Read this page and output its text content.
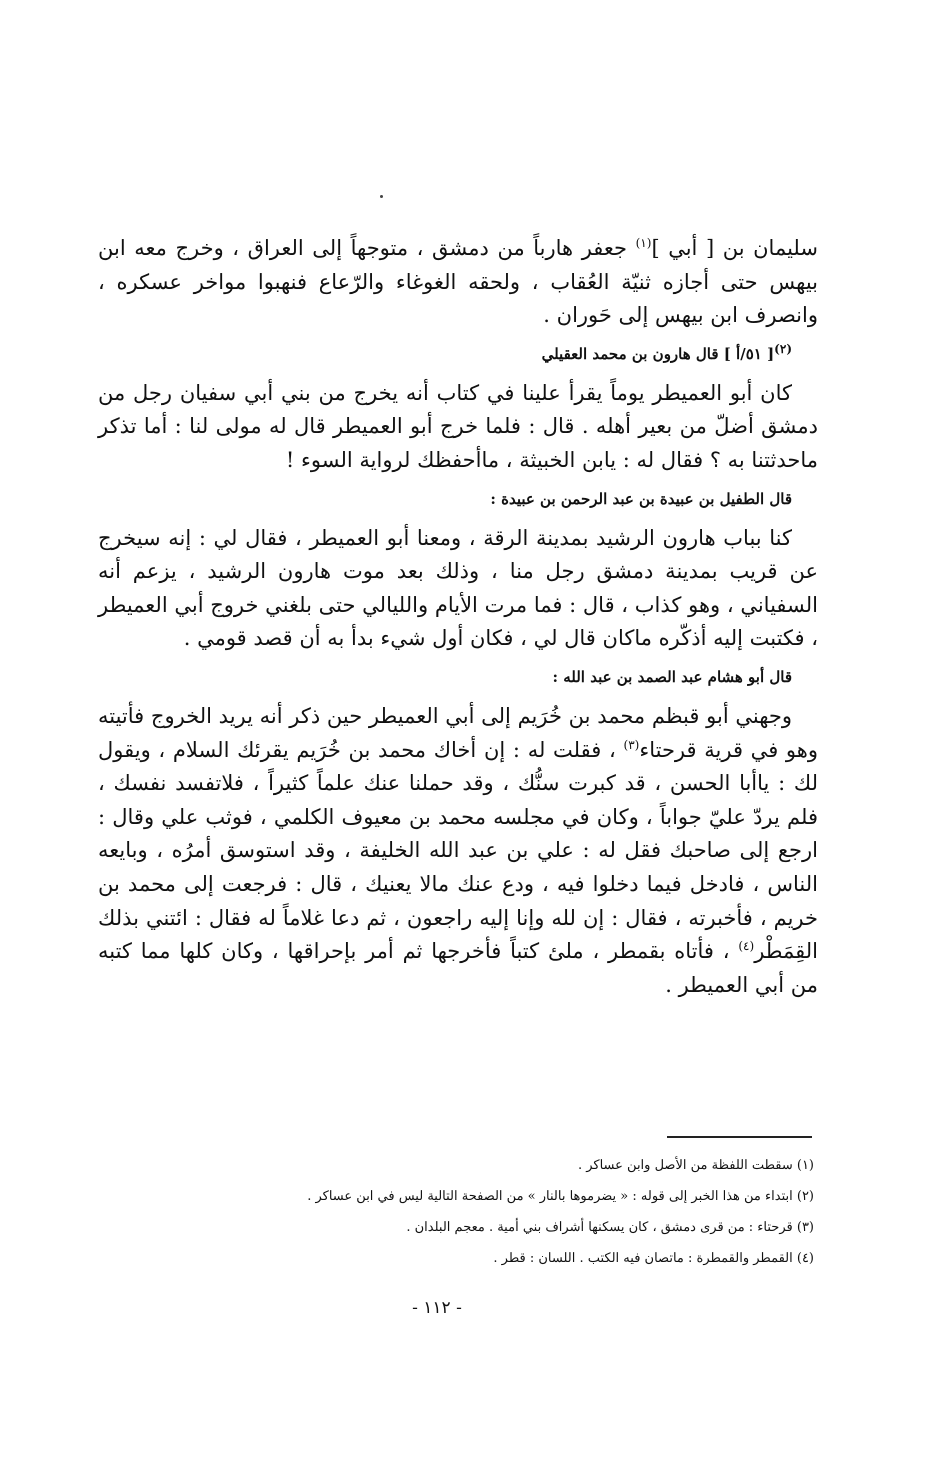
سليمان بن [ أبي ]$^{(١)}$ جعفر هارباً من دمشق ، متوجهاً إلى العراق ، وخرج معه ابن بيهس حتى أجازه ثنيّة العُقاب ، ولحقه الغوغاء والرّعاع فنهبوا مواخر عسكره ، وانصرف ابن بيهس إلى حَوران .

$^{(٢)}$[ ٥١/أ ] قال هارون بن محمد العقيلي

كان أبو العميطر يوماً يقرأ علينا في كتاب أنه يخرج من بني أبي سفيان رجل من دمشق أضلّ من بعير أهله . قال : فلما خرج أبو العميطر قال له مولى لنا : أما تذكر ماحدثتنا به ؟ فقال له : يابن الخبيثة ، ماأحفظك لرواية السوء !

قال الطفيل بن عبيدة بن عبد الرحمن بن عبيدة :

كنا بباب هارون الرشيد بمدينة الرقة ، ومعنا أبو العميطر ، فقال لي : إنه سيخرج عن قريب بمدينة دمشق رجل منا ، وذلك بعد موت هارون الرشيد ، يزعم أنه السفياني ، وهو كذاب ، قال : فما مرت الأيام والليالي حتى بلغني خروج أبي العميطر ، فكتبت إليه أذكّره ماكان قال لي ، فكان أول شيء بدأ به أن قصد قومي .

قال أبو هشام عبد الصمد بن عبد الله :

وجهني أبو قبظم محمد بن خُرَيم إلى أبي العميطر حين ذكر أنه يريد الخروج فأتيته وهو في قرية قرحتاء$^{(٣)}$ ، فقلت له : إن أخاك محمد بن خُرَيم يقرئك السلام ، ويقول لك : ياأبا الحسن ، قد كبرت سنُّك ، وقد حملنا عنك علماً كثيراً ، فلاتفسد نفسك ، فلم يردّ عليّ جواباً ، وكان في مجلسه محمد بن معيوف الكلمي ، فوثب علي وقال : ارجع إلى صاحبك فقل له : علي بن عبد الله الخليفة ، وقد استوسق أمرُه ، وبايعه الناس ، فادخل فيما دخلوا فيه ، ودع عنك مالا يعنيك ، قال : فرجعت إلى محمد بن خريم ، فأخبرته ، فقال : إن لله وإنا إليه راجعون ، ثم دعا غلاماً له فقال : ائتني بذلك القِمَطْر$^{(٤)}$ ، فأتاه بقمطر ، ملئ كتباً فأخرجها ثم أمر بإحراقها ، وكان كلها مما كتبه من أبي العميطر .

(١) سقطت اللفظة من الأصل وابن عساكر .

(٢) ابتداء من هذا الخبر إلى قوله : « يضرموها بالنار » من الصفحة التالية ليس في ابن عساكر .

(٣) قرحتاء : من قرى دمشق ، كان يسكنها أشراف بني أمية . معجم البلدان .

(٤) القمطر والقمطرة : ماتصان فيه الكتب . اللسان : قطر .

- ١١٢ -
